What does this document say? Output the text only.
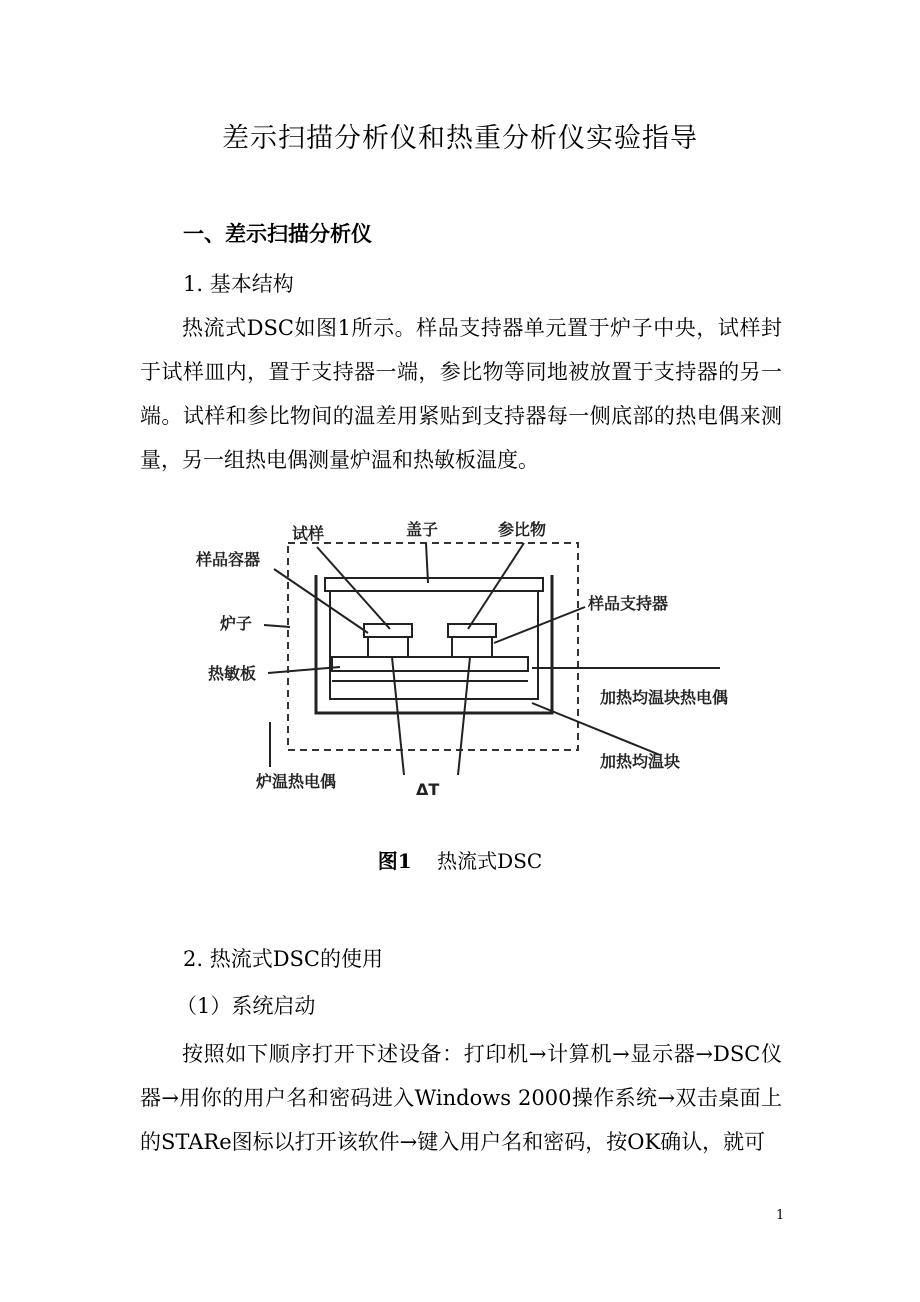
差示扫描分析仪和热重分析仪实验指导
一、差示扫描分析仪
1. 基本结构
热流式DSC如图1所示。样品支持器单元置于炉子中央，试样封于试样皿内，置于支持器一端，参比物等同地被放置于支持器的另一端。试样和参比物间的温差用紧贴到支持器每一侧底部的热电偶来测量，另一组热电偶测量炉温和热敏板温度。
试样	盖子	参比物
样品容器
炉子
样品支持器
热敏板
加热均温块热电偶
加热均温块
炉温热电偶	ΔT
图1 热流式DSC
2. 热流式DSC的使用
（1）系统启动
按照如下顺序打开下述设备：打印机→计算机→显示器→DSC仪器→用你的用户名和密码进入Windows 2000操作系统→双击桌面上的STARe图标以打开该软件→键入用户名和密码，按OK确认，就可
1
